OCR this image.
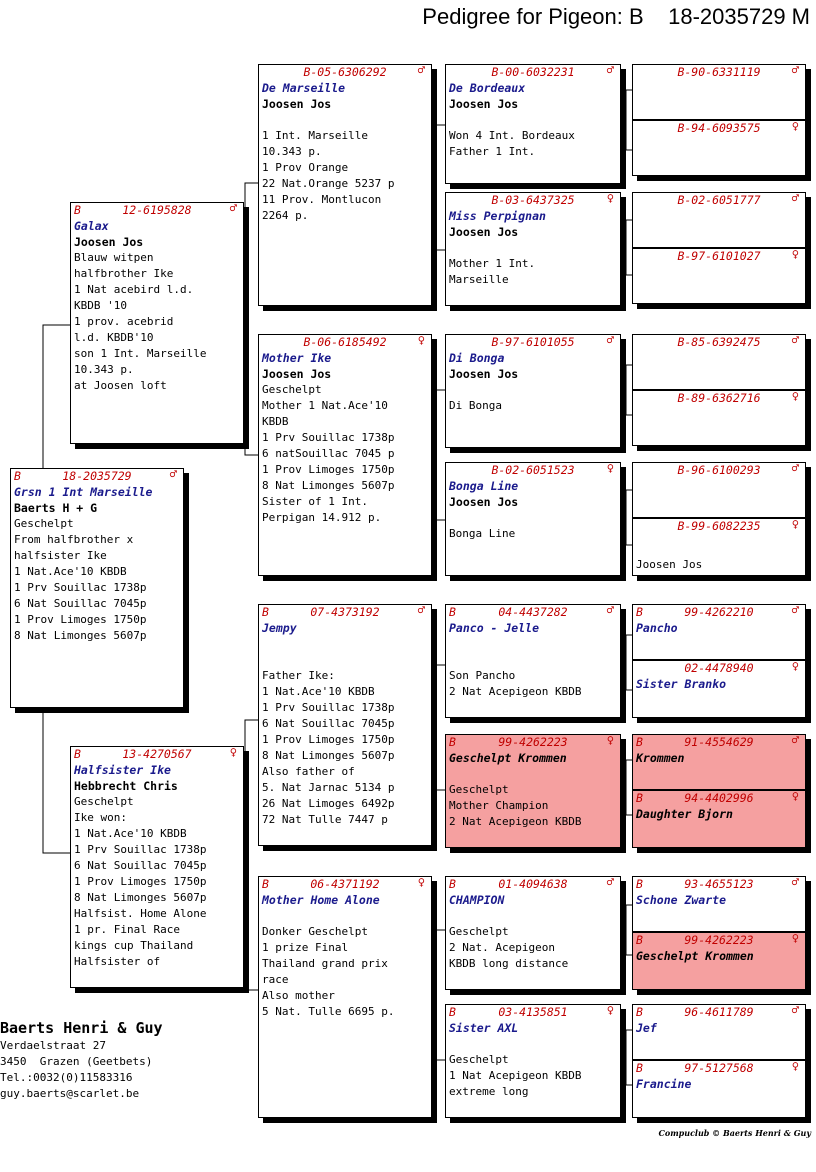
Pedigree for Pigeon: B    18-2035729 M
B	18-2035729	♂
Grsn 1 Int Marseille
Baerts H + G
Geschelpt
From halfbrother x
halfsister Ike
1 Nat.Ace'10 KBDB
1 Prv Souillac 1738p
6 Nat Souillac 7045p
1 Prov Limoges 1750p
8 Nat Limonges 5607p
B	12-6195828	♂
Galax
Joosen Jos
Blauw witpen
halfbrother Ike
1 Nat acebird l.d.
KBDB '10
1 prov. acebrid
l.d. KBDB'10
son 1 Int. Marseille
10.343 p.
at Joosen loft
B	13-4270567	♀
Halfsister Ike
Hebbrecht Chris
Geschelpt
Ike won:
1 Nat.Ace'10 KBDB
1 Prv Souillac 1738p
6 Nat Souillac 7045p
1 Prov Limoges 1750p
8 Nat Limonges 5607p
Halfsist. Home Alone
1 pr. Final Race
kings cup Thailand
Halfsister of
B-05-6306292	♂
De Marseille
Joosen Jos
1 Int. Marseille
10.343 p.
1 Prov Orange
22 Nat.Orange 5237 p
11 Prov. Montlucon
2264 p.
B-06-6185492	♀
Mother Ike
Joosen Jos
Geschelpt
Mother 1 Nat.Ace'10
KBDB
1 Prv Souillac 1738p
6 natSouillac 7045 p
1 Prov Limoges 1750p
8 Nat Limonges 5607p
Sister of 1 Int.
Perpigan 14.912 p.
B	07-4373192	♂
Jempy
Father Ike:
1 Nat.Ace'10 KBDB
1 Prv Souillac 1738p
6 Nat Souillac 7045p
1 Prov Limoges 1750p
8 Nat Limonges 5607p
Also father of
5. Nat Jarnac 5134 p
26 Nat Limoges 6492p
72 Nat Tulle 7447 p
B	06-4371192	♀
Mother Home Alone
Donker Geschelpt
1 prize Final
Thailand grand prix
race
Also mother
5 Nat. Tulle 6695 p.
B-00-6032231	♂
De Bordeaux
Joosen Jos
Won 4 Int. Bordeaux
Father 1 Int.
B-03-6437325	♀
Miss Perpignan
Joosen Jos
Mother 1 Int.
Marseille
B-97-6101055	♂
Di Bonga
Joosen Jos
Di Bonga
B-02-6051523	♀
Bonga Line
Joosen Jos
Bonga Line
B	04-4437282	♂
Panco - Jelle
Son Pancho
2 Nat Acepigeon KBDB
B	99-4262223	♀
Geschelpt Krommen
Geschelpt
Mother Champion
2 Nat Acepigeon KBDB
B	01-4094638	♂
CHAMPION
Geschelpt
2 Nat. Acepigeon
KBDB long distance
B	03-4135851	♀
Sister AXL
Geschelpt
1 Nat Acepigeon KBDB
extreme long
B-90-6331119	♂
B-94-6093575	♀
B-02-6051777	♂
B-97-6101027	♀
B-85-6392475	♂
B-89-6362716	♀
B-96-6100293	♂
B-99-6082235	♀
Joosen Jos
B	99-4262210	♂
Pancho
02-4478940	♀
Sister Branko
B	91-4554629	♂
Krommen
B	94-4402996	♀
Daughter Bjorn
B	93-4655123	♂
Schone Zwarte
B	99-4262223	♀
Geschelpt Krommen
B	96-4611789	♂
Jef
B	97-5127568	♀
Francine
Baerts Henri & Guy
Verdaelstraat 27
3450  Grazen (Geetbets)
Tel.:0032(0)11583316
guy.baerts@scarlet.be
Compuclub © Baerts Henri & Guy
